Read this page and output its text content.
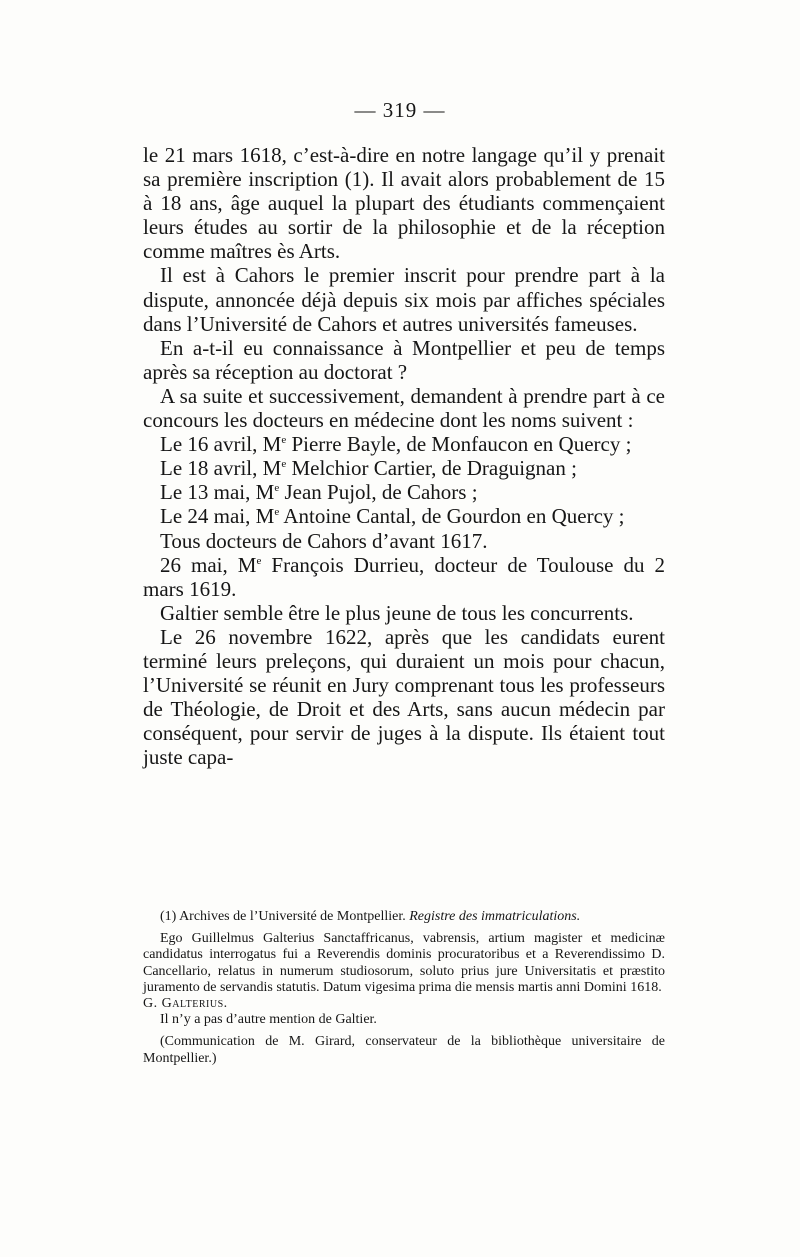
— 319 —

le 21 mars 1618, c’est-à-dire en notre langage qu’il y prenait sa première inscription (1). Il avait alors probablement de 15 à 18 ans, âge auquel la plupart des étudiants commençaient leurs études au sortir de la philosophie et de la réception comme maîtres ès Arts.

Il est à Cahors le premier inscrit pour prendre part à la dispute, annoncée déjà depuis six mois par affiches spéciales dans l’Université de Cahors et autres universités fameuses.

En a-t-il eu connaissance à Montpellier et peu de temps après sa réception au doctorat ?

A sa suite et successivement, demandent à prendre part à ce concours les docteurs en médecine dont les noms suivent :

Le 16 avril, Me Pierre Bayle, de Monfaucon en Quercy ;

Le 18 avril, Me Melchior Cartier, de Draguignan ;

Le 13 mai, Me Jean Pujol, de Cahors ;

Le 24 mai, Me Antoine Cantal, de Gourdon en Quercy ;

Tous docteurs de Cahors d’avant 1617.

26 mai, Me François Durrieu, docteur de Toulouse du 2 mars 1619.

Galtier semble être le plus jeune de tous les concurrents.

Le 26 novembre 1622, après que les candidats eurent terminé leurs preleçons, qui duraient un mois pour chacun, l’Université se réunit en Jury comprenant tous les professeurs de Théologie, de Droit et des Arts, sans aucun médecin par conséquent, pour servir de juges à la dispute. Ils étaient tout juste capa-

(1) Archives de l’Université de Montpellier. Registre des immatriculations.

Ego Guillelmus Galterius Sanctaffricanus, vabrensis, artium magister et medicinæ candidatus interrogatus fui a Reverendis dominis procuratoribus et a Reverendissimo D. Cancellario, relatus in numerum studiosorum, soluto prius jure Universitatis et præstito juramento de servandis statutis. Datum vigesima prima die mensis martis anni Domini 1618.

G. Galterius.

Il n’y a pas d’autre mention de Galtier.

(Communication de M. Girard, conservateur de la bibliothèque universitaire de Montpellier.)
